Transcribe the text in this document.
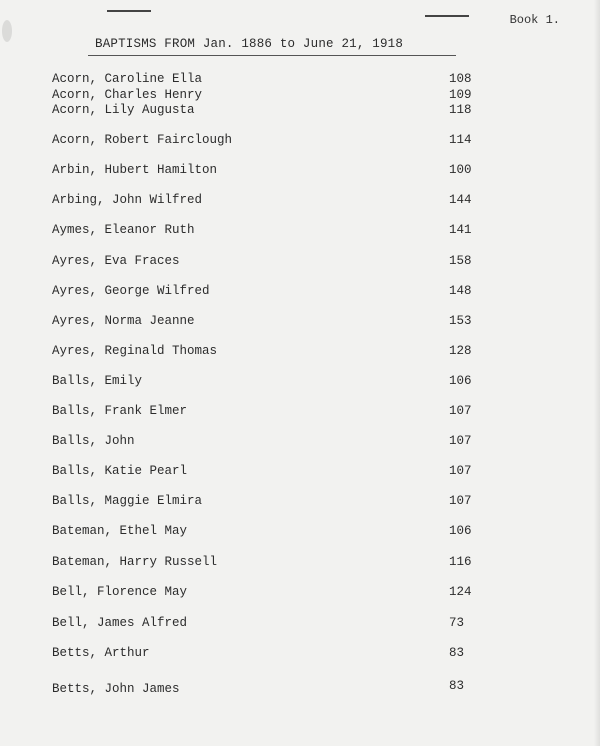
Book 1.
BAPTISMS FROM Jan. 1886 to June 21, 1918
Acorn, Caroline Ella	108
Acorn, Charles Henry	109
Acorn, Lily Augusta	118
Acorn, Robert Fairclough	114
Arbin, Hubert Hamilton	100
Arbing, John Wilfred	144
Aymes, Eleanor Ruth	141
Ayres, Eva Fraces	158
Ayres, George Wilfred	148
Ayres, Norma Jeanne	153
Ayres, Reginald Thomas	128
Balls, Emily	106
Balls, Frank Elmer	107
Balls, John	107
Balls, Katie Pearl	107
Balls, Maggie Elmira	107
Bateman, Ethel May	106
Bateman, Harry Russell	116
Bell, Florence May	124
Bell, James Alfred	73
Betts, Arthur	83
Betts, John James	83
